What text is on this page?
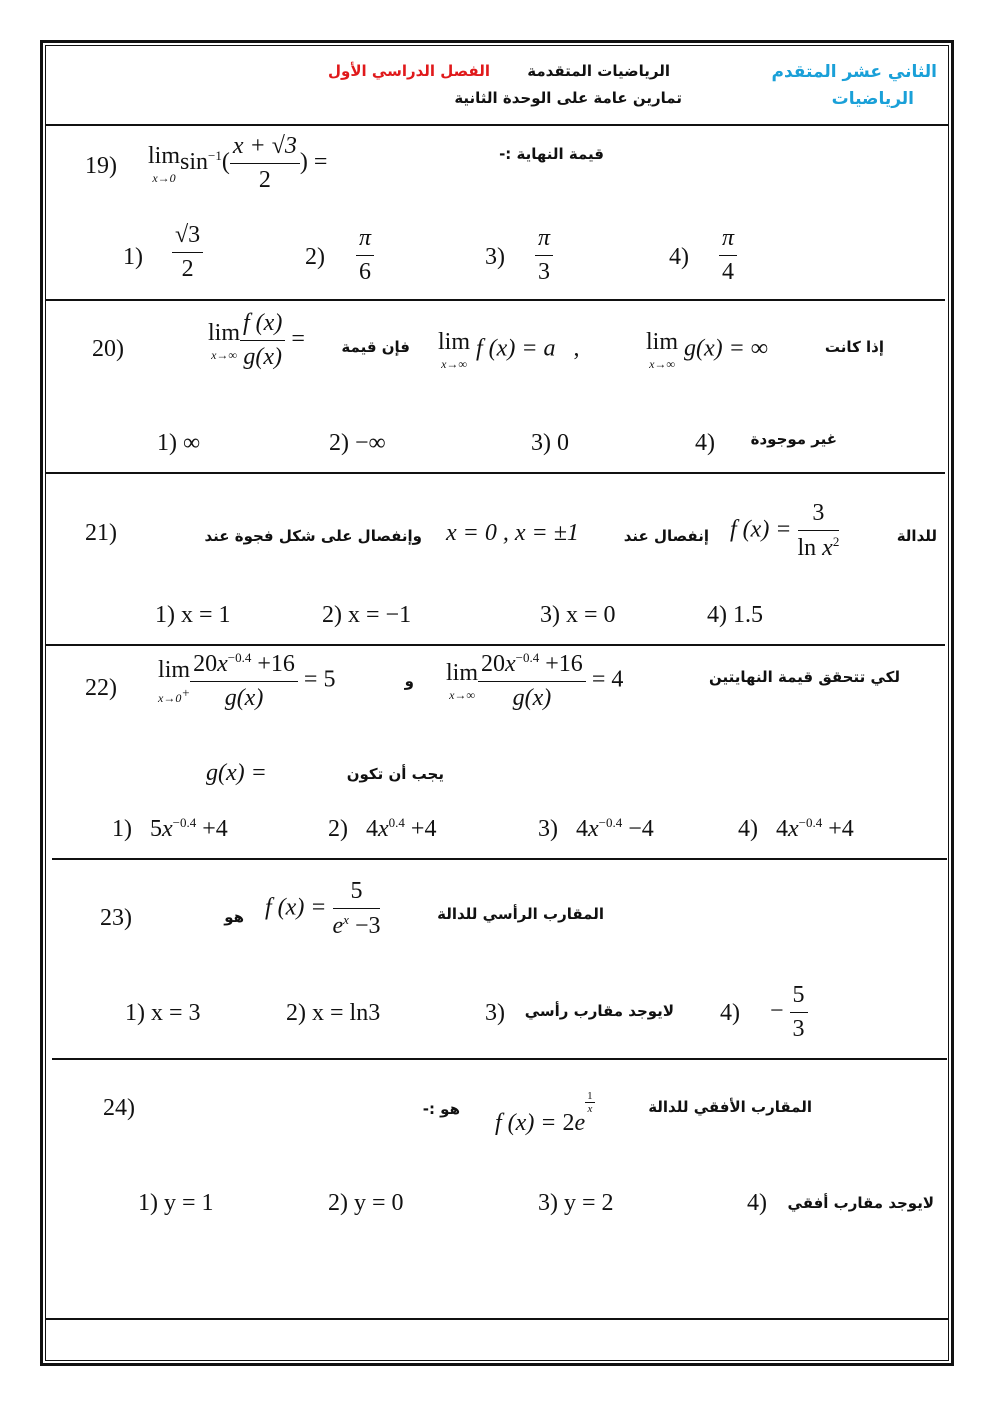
الثاني عشر المتقدم
الرياضيات
الرياضيات المتقدمة
الفصل الدراسي الأول
تمارين عامة على الوحدة الثانية
19)	قيمة النهاية :-
lim
x→0
$\sin^{-1}( \frac{x + √3}{2}$ ) =
$1) \frac{√3}{2}$	$2) \frac{\pi}{6}$	$3) \frac{\pi}{3}$	$4) \frac{\pi}{4}$
20)
lim
$x\to\infty \frac{f (x)}{g(x)}$ = فإن قيمة lim
x→∞
f (x) = a   ,	lim
x→∞
g(x) = ∞	إذا كانت
1) ∞	2) −∞	3) 0	4) غير موجودة
21)	وإنفصال على شكل فجوة عند x = 0 , x = ±1	إنفصال عند f $(x) = \frac{3}{\ln x^2}$	للدالة
1) x = 1	2) x = −1	3) x = 0	4) 1.5
22)
lim
$x\to 0^+ \frac{20x^{-0.4} +16}{g(x)} = 5$	و lim
$x\to\infty \frac{20x^{-0.4} +16}{g(x)} = 4$	لكي تتحقق قيمة النهايتين
g(x) =	يجب أن تكون
1)   $5x^{-0.4} +4$	2)   $4x^{0.4} +4$	3)   $4x^{-0.4} -4$	4)   $4x^{-0.4} +4$
23)	هو f $(x) = \frac{5}{e^x -3}$	المقارب الرأسي للدالة
1) x = 3	2) x = ln3	3) لايوجد مقارب رأسي $4) - \frac{5}{3}$
24)	هو :-
f (x) = 2e
$\frac{1}{x}$	المقارب الأفقي للدالة
1) y = 1	2) y = 0	3) y = 2	4) لايوجد مقارب أفقي
